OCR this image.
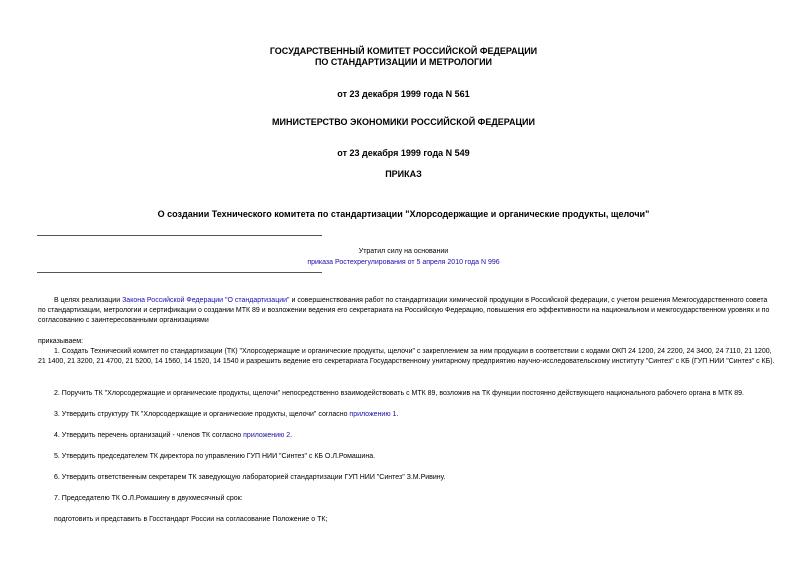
ГОСУДАРСТВЕННЫЙ КОМИТЕТ РОССИЙСКОЙ ФЕДЕРАЦИИ

ПО СТАНДАРТИЗАЦИИ И МЕТРОЛОГИИ

от 23 декабря 1999 года N 561

МИНИСТЕРСТВО ЭКОНОМИКИ РОССИЙСКОЙ ФЕДЕРАЦИИ

от 23 декабря 1999 года N 549

ПРИКАЗ

О создании Технического комитета по стандартизации "Хлорсодержащие и органические продукты, щелочи"

Утратил силу на основании

приказа Ростехрегулирования от 5 апреля 2010 года N 996

В целях реализации Закона Российской Федерации "О стандартизации" и совершенствования работ по стандартизации химической продукции в Российской федерации, с учетом решения Межгосударственного совета по стандартизации, метрологии и сертификации о создании МТК 89 и возложении ведения его секретариата на Российскую Федерацию, повышения его эффективности на национальном и межгосударственном уровнях и по согласованию с заинтересованными организациями

приказываем:

1. Создать Технический комитет по стандартизации (ТК) "Хлорсодержащие и органические продукты, щелочи" с закреплением за ним продукции в соответствии с кодами ОКП 24 1200, 24 2200, 24 3400, 24 7110, 21 1200, 21 1400, 21 3200, 21 4700, 21 5200, 14 1560, 14 1520, 14 1540 и разрешить ведение его секретариата Государственному унитарному предприятию научно-исследовательскому институту "Синтез" с КБ (ГУП НИИ "Синтез" с КБ).

2. Поручить ТК "Хлорсодержащие и органические продукты, щелочи" непосредственно взаимодействовать с МТК 89, возложив на ТК функции постоянно действующего национального рабочего органа в МТК 89.

3. Утвердить структуру ТК "Хлорсодержащие и органические продукты, щелочи" согласно приложению 1.

4. Утвердить перечень организаций - членов ТК согласно приложению 2.

5. Утвердить председателем ТК директора по управлению ГУП НИИ "Синтез" с КБ О.Л.Ромашина.

6. Утвердить ответственным секретарем ТК заведующую лабораторией стандартизации ГУП НИИ "Синтез" З.М.Ривину.

7. Председателю ТК О.Л.Ромашину в двухмесячный срок:

подготовить и представить в Госстандарт России на согласование Положение о ТК;
